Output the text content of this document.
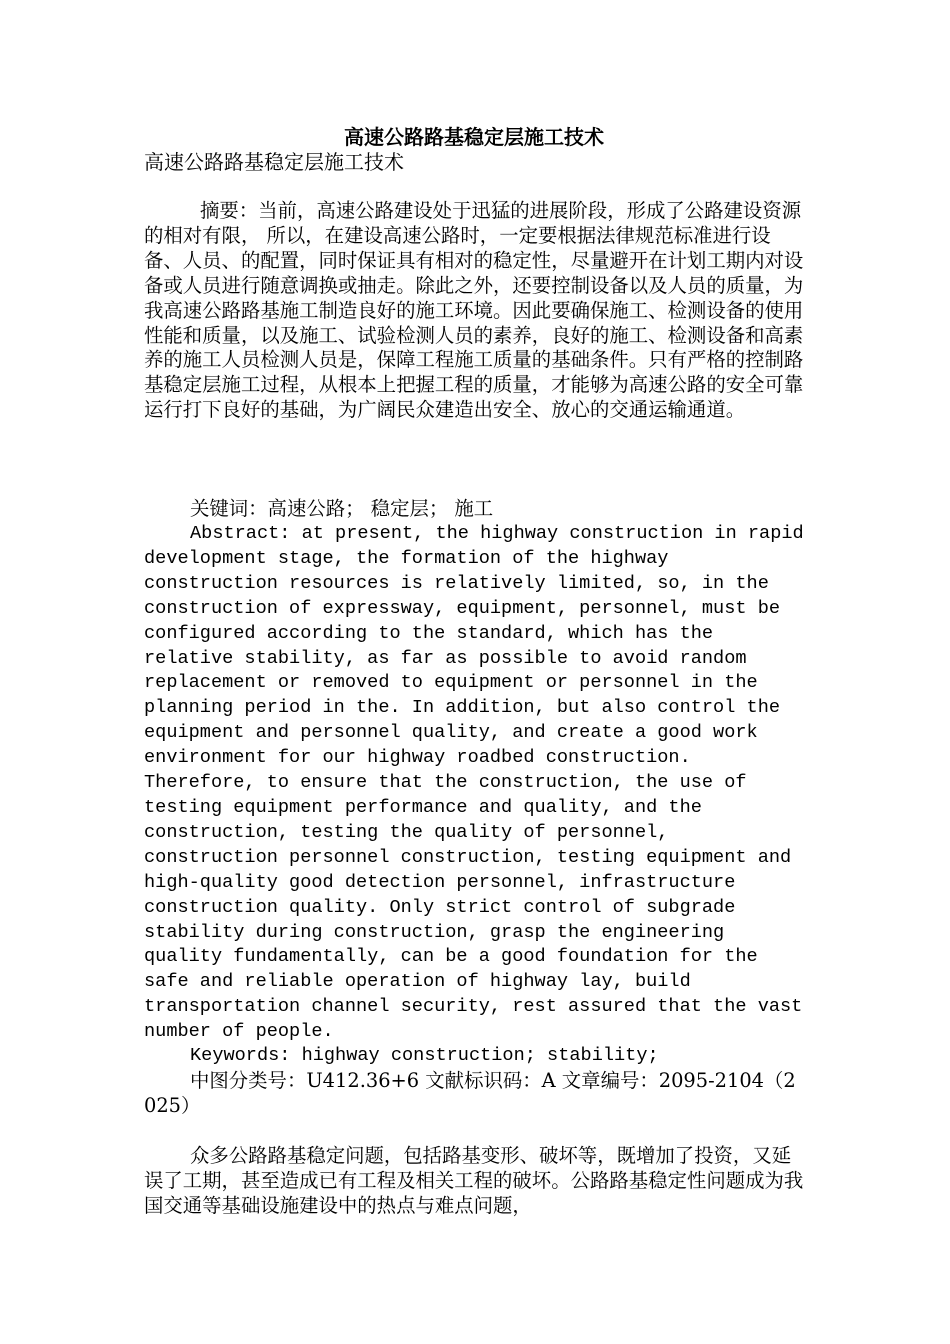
高速公路路基稳定层施工技术
高速公路路基稳定层施工技术
摘要：当前，高速公路建设处于迅猛的进展阶段，形成了公路建设资源的相对有限， 所以，在建设高速公路时，一定要根据法律规范标准进行设备、人员、的配置，同时保证具有相对的稳定性，尽量避开在计划工期内对设备或人员进行随意调换或抽走。除此之外，还要控制设备以及人员的质量，为我高速公路路基施工制造良好的施工环境。因此要确保施工、检测设备的使用性能和质量，以及施工、试验检测人员的素养，良好的施工、检测设备和高素养的施工人员检测人员是，保障工程施工质量的基础条件。只有严格的控制路基稳定层施工过程，从根本上把握工程的质量，才能够为高速公路的安全可靠运行打下良好的基础，为广阔民众建造出安全、放心的交通运输通道。
关键词：高速公路； 稳定层； 施工
Abstract: at present, the highway construction in rapid development stage, the formation of the highway construction resources is relatively limited, so, in the construction of expressway, equipment, personnel, must be configured according to the standard, which has the relative stability, as far as possible to avoid random replacement or removed to equipment or personnel in the planning period in the. In addition, but also control the equipment and personnel quality, and create a good work environment for our highway roadbed construction. Therefore, to ensure that the construction, the use of testing equipment performance and quality, and the construction, testing the quality of personnel, construction personnel construction, testing equipment and high-quality good detection personnel, infrastructure construction quality. Only strict control of subgrade stability during construction, grasp the engineering quality fundamentally, can be a good foundation for the safe and reliable operation of highway lay, build transportation channel security, rest assured that the vast number of people.
Keywords: highway construction; stability;
中图分类号：U412.36+6 文献标识码：A 文章编号：2095-2104（2025）
众多公路路基稳定问题，包括路基变形、破坏等，既增加了投资，又延误了工期，甚至造成已有工程及相关工程的破坏。公路路基稳定性问题成为我国交通等基础设施建设中的热点与难点问题，
